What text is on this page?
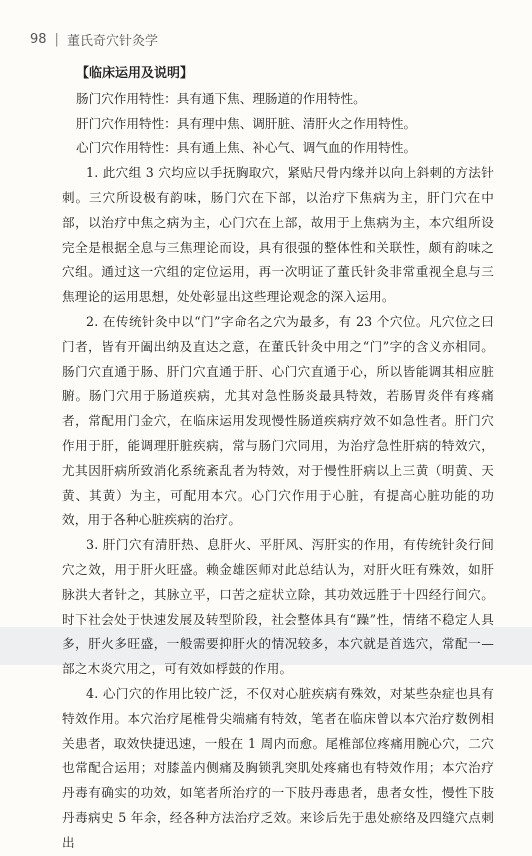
98 | 董氏奇穴针灸学
【临床运用及说明】
肠门穴作用特性：具有通下焦、理肠道的作用特性。
肝门穴作用特性：具有理中焦、调肝脏、清肝火之作用特性。
心门穴作用特性：具有通上焦、补心气、调气血的作用特性。

1. 此穴组 3 穴均应以手抚胸取穴，紧贴尺骨内缘并以向上斜刺的方法针刺。三穴所设极有韵味，肠门穴在下部，以治疗下焦病为主，肝门穴在中部，以治疗中焦之病为主，心门穴在上部，故用于上焦病为主，本穴组所设完全是根据全息与三焦理论而设，具有很强的整体性和关联性，颇有韵味之穴组。通过这一穴组的定位运用，再一次明证了董氏针灸非常重视全息与三焦理论的运用思想，处处彰显出这些理论观念的深入运用。

2. 在传统针灸中以“门”字命名之穴为最多，有 23 个穴位。凡穴位之曰门者，皆有开阖出纳及直达之意，在董氏针灸中用之“门”字的含义亦相同。肠门穴直通于肠、肝门穴直通于肝、心门穴直通于心，所以皆能调其相应脏腑。肠门穴用于肠道疾病，尤其对急性肠炎最具特效，若肠胃炎伴有疼痛者，常配用门金穴，在临床运用发现慢性肠道疾病疗效不如急性者。肝门穴作用于肝，能调理肝脏疾病，常与肠门穴同用，为治疗急性肝病的特效穴，尤其因肝病所致消化系统紊乱者为特效，对于慢性肝病以上三黄（明黄、天黄、其黄）为主，可配用本穴。心门穴作用于心脏，有提高心脏功能的功效，用于各种心脏疾病的治疗。

3. 肝门穴有清肝热、息肝火、平肝风、泻肝实的作用，有传统针灸行间穴之效，用于肝火旺盛。赖金雄医师对此总结认为，对肝火旺有殊效，如肝脉洪大者针之，其脉立平，口苦之症状立除，其功效远胜于十四经行间穴。时下社会处于快速发展及转型阶段，社会整体具有“躁”性，情绪不稳定人具多，肝火多旺盛，一般需要抑肝火的情况较多，本穴就是首选穴，常配一—部之木炎穴用之，可有效如桴鼓的作用。

4. 心门穴的作用比较广泛，不仅对心脏疾病有殊效，对某些杂症也具有特效作用。本穴治疗尾椎骨尖端痛有特效，笔者在临床曾以本穴治疗数例相关患者，取效快捷迅速，一般在 1 周内而愈。尾椎部位疼痛用腕心穴，二穴也常配合运用；对膝盖内侧痛及胸锁乳突肌处疼痛也有特效作用；本穴治疗丹毒有确实的功效，如笔者所治疗的一下肢丹毒患者，患者女性，慢性下肢丹毒病史 5 年余，经各种方法治疗乏效。来诊后先于患处瘀络及四缝穴点刺出
